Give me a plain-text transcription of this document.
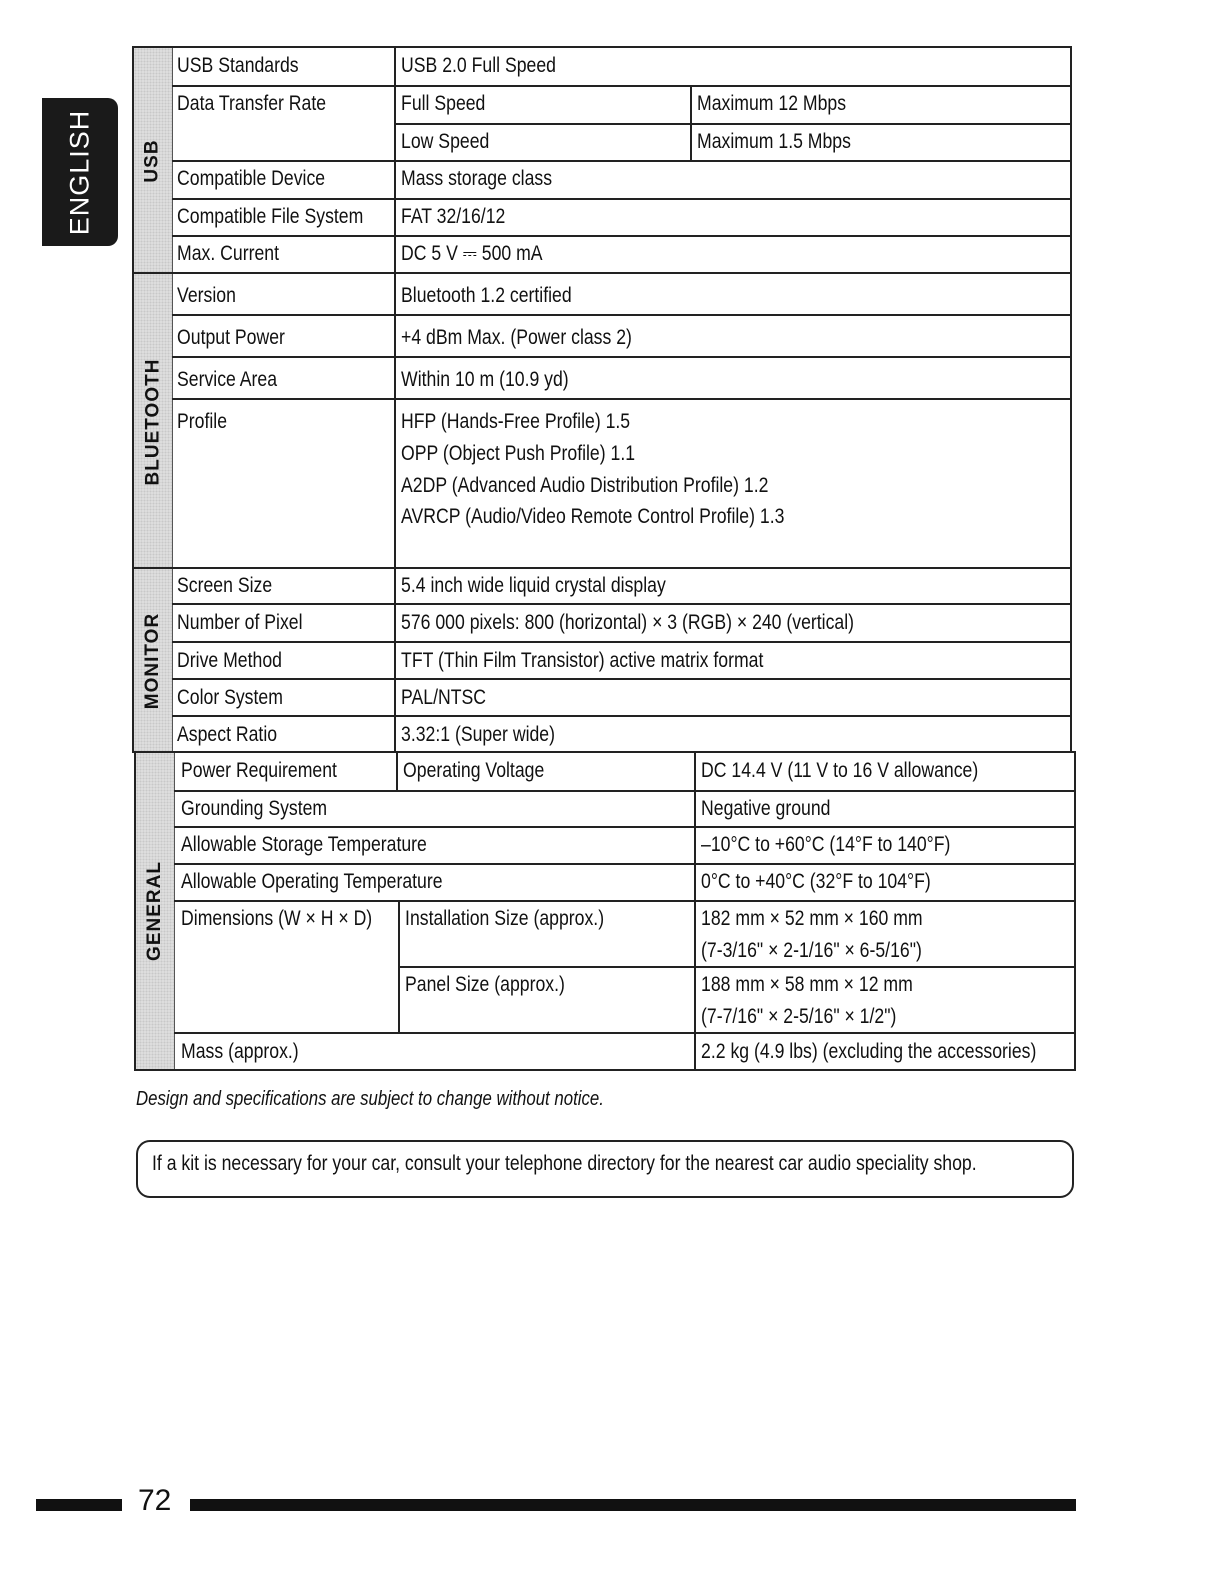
ENGLISH USB
BLUETOOTH
MONITOR
USB Standards	USB 2.0 Full Speed
Data Transfer Rate	Full Speed	Maximum 12 Mbps
Low Speed	Maximum 1.5 Mbps
Compatible Device	Mass storage class
Compatible File System FAT 32/16/12
Max. Current	DC 5 V ⎓ 500 mA
Version	Bluetooth 1.2 certified
Output Power	+4 dBm Max. (Power class 2)
Service Area	Within 10 m (10.9 yd)
Profile	HFP (Hands-Free Profile) 1.5
OPP (Object Push Profile) 1.1
A2DP (Advanced Audio Distribution Profile) 1.2
AVRCP (Audio/Video Remote Control Profile) 1.3
Screen Size	5.4 inch wide liquid crystal display
Number of Pixel	576 000 pixels: 800 (horizontal) × 3 (RGB) × 240 (vertical)
Drive Method	TFT (Thin Film Transistor) active matrix format
Color System	PAL/NTSC
Aspect Ratio	3.32:1 (Super wide)
GENERAL
Power Requirement	Operating Voltage	DC 14.4 V (11 V to 16 V allowance)
Grounding System	Negative ground
Allowable Storage Temperature	–10°C to +60°C (14°F to 140°F)
Allowable Operating Temperature	0°C to +40°C (32°F to 104°F)
Dimensions (W × H × D) Installation Size (approx.)	182 mm × 52 mm × 160 mm
(7-3/16" × 2-1/16" × 6-5/16")
Panel Size (approx.)	188 mm × 58 mm × 12 mm
(7-7/16" × 2-5/16" × 1/2")
Mass (approx.)	2.2 kg (4.9 lbs) (excluding the accessories)
Design and specifications are subject to change without notice.
If a kit is necessary for your car, consult your telephone directory for the nearest car audio speciality shop.
72
